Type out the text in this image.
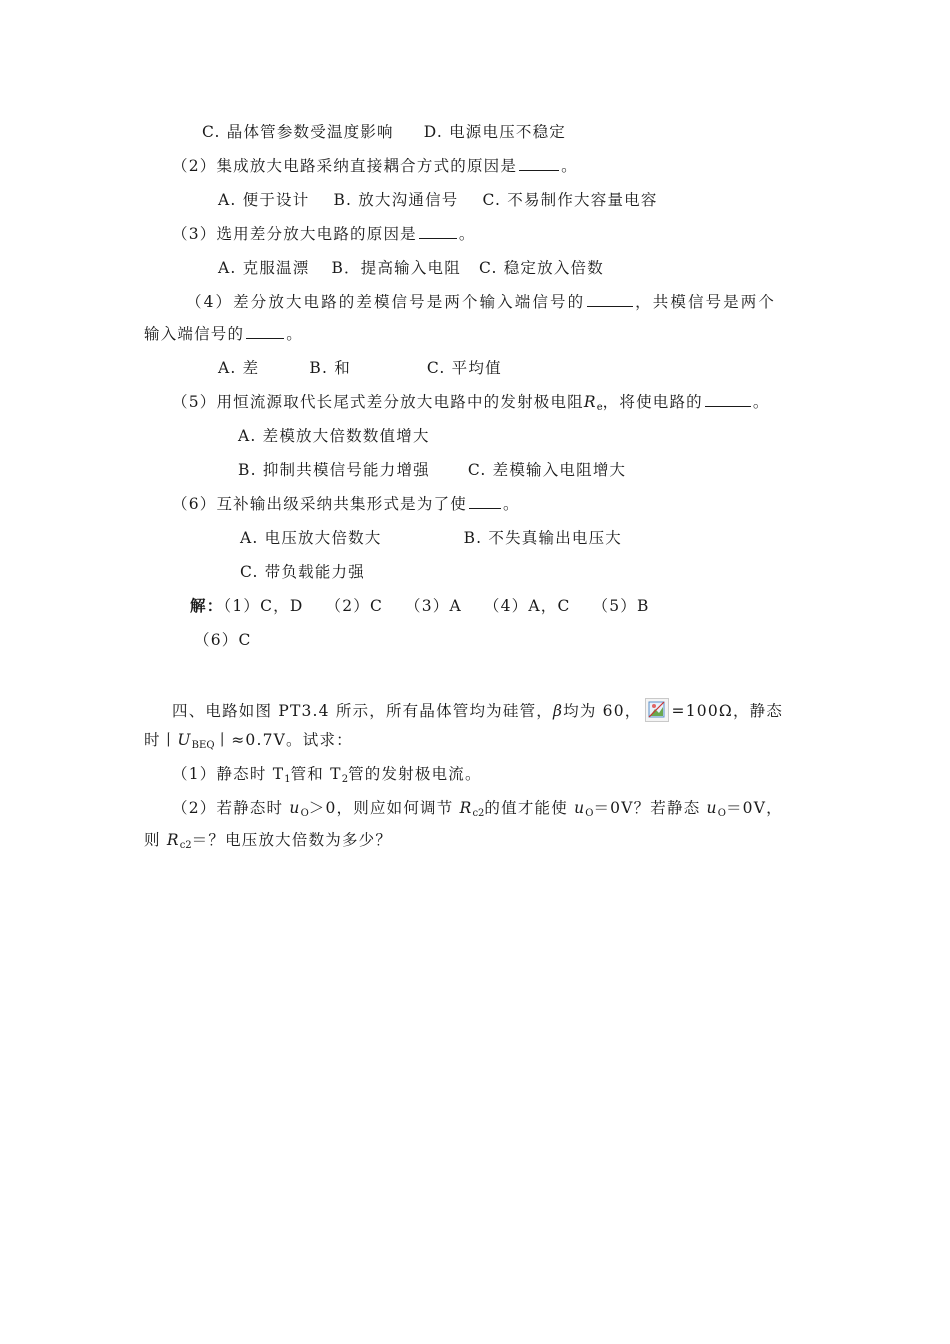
C. 晶体管参数受温度影响 D. 电源电压不稳定
（2）集成放大电路采纳直接耦合方式的原因是	。
A. 便于设计 B. 放大沟通信号 C. 不易制作大容量电容
（3）选用差分放大电路的原因是	。
A. 克服温漂 B．提高输入电阻 C. 稳定放入倍数
（4）差分放大电路的差模信号是两个输入端信号的	，共模信号是两个
输入端信号的	。
A. 差	B. 和	C. 平均值
（5）用恒流源取代长尾式差分放大电路中的发射极电阻$R_e$，将使电路的	。
A. 差模放大倍数数值增大
B. 抑制共模信号能力增强 C. 差模输入电阻增大
（6）互补输出级采纳共集形式是为了使 。
A. 电压放大倍数大	B. 不失真输出电压大
C. 带负载能力强
解：（1）C，D （2）C （3）A （4）A，C （5）B
（6）C
四、电路如图 PT3.4 所示，所有晶体管均为硅管，β均为 60， =100Ω，静态
时丨$U_{BEQ}$丨≈0.7V。试求：
（1）静态时 $T_1$管和 $T_2$管的发射极电流。
（2）若静态时 $u_O>0$，则应如何调节 $R_{c2}$的值才能使 $u_O=0V$？若静态 $u_O=0V$，
则 $R_{c2}=$？电压放大倍数为多少？
